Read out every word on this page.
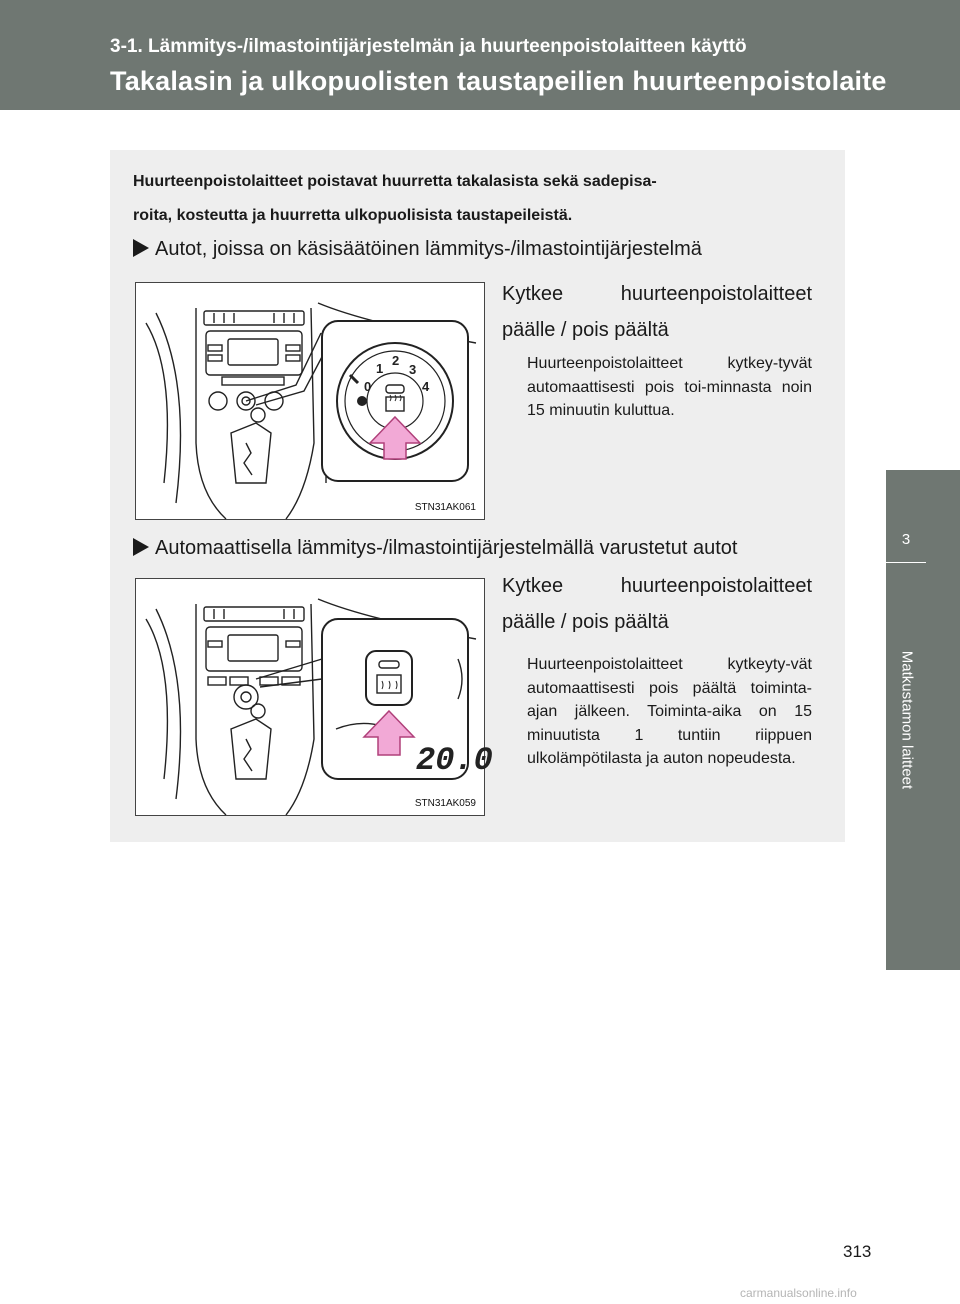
3-1. Lämmitys-/ilmastointijärjestelmän ja huurteenpoistolaitteen käyttö
Takalasin ja ulkopuolisten taustapeilien huurteenpoistolaite
3
Matkustamon laitteet
Huurteenpoistolaitteet poistavat huurretta takalasista sekä sadepisa-
roita, kosteutta ja huurretta ulkopuolisista taustapeileistä.
Autot, joissa on käsisäätöinen lämmitys-/ilmastointijärjestelmä
0
1
2
3
4
STN31AK061
Kytkee huurteenpoistolaitteet
päälle / pois päältä
Huurteenpoistolaitteet kytkey-tyvät automaattisesti pois toi-minnasta noin 15 minuutin kuluttua.
Automaattisella lämmitys-/ilmastointijärjestelmällä varustetut autot
20.0
STN31AK059
Kytkee huurteenpoistolaitteet
päälle / pois päältä
Huurteenpoistolaitteet kytkeyty-vät automaattisesti pois päältä toiminta-ajan jälkeen. Toiminta-aika on 15 minuutista 1 tuntiin riippuen ulkolämpötilasta ja auton nopeudesta.
313
carmanualsonline.info
